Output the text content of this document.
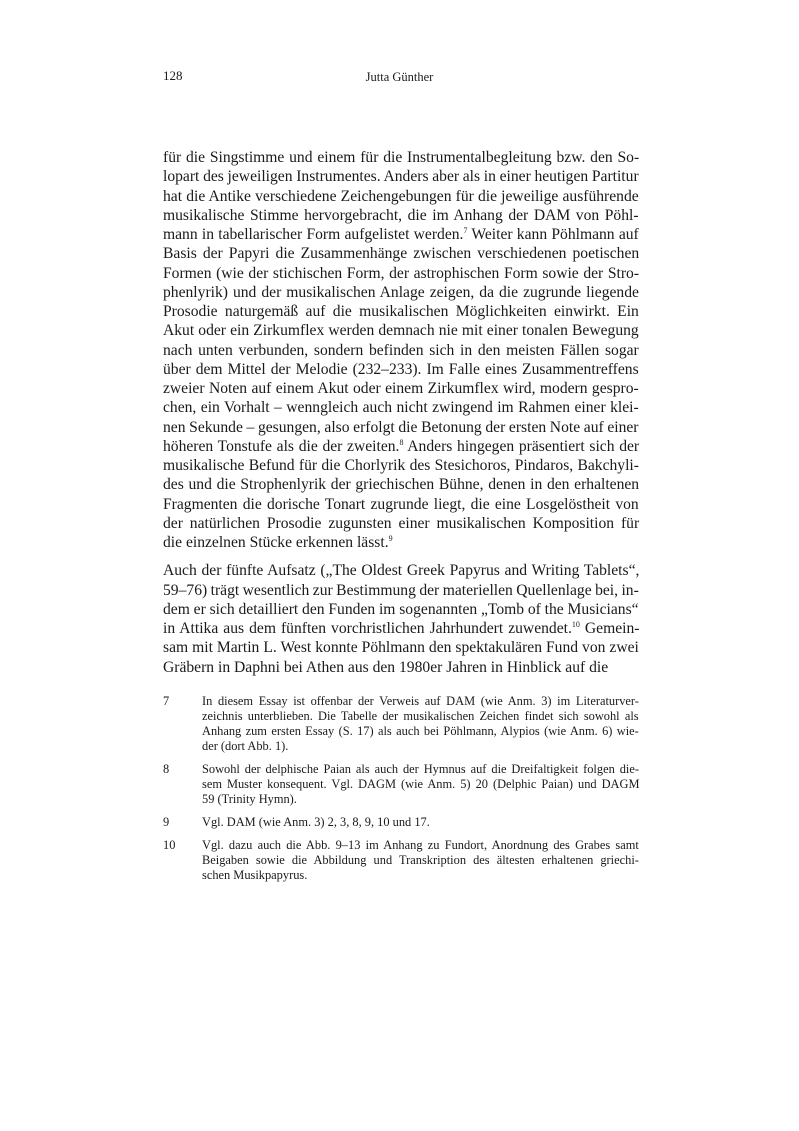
128	Jutta Günther
für die Singstimme und einem für die Instrumentalbegleitung bzw. den So-
lopart des jeweiligen Instrumentes. Anders aber als in einer heutigen Partitur
hat die Antike verschiedene Zeichengebungen für die jeweilige ausführende
musikalische Stimme hervorgebracht, die im Anhang der DAM von Pöhl-
mann in tabellarischer Form aufgelistet werden.$^7$ Weiter kann Pöhlmann auf
Basis der Papyri die Zusammenhänge zwischen verschiedenen poetischen
Formen (wie der stichischen Form, der astrophischen Form sowie der Stro-
phenlyrik) und der musikalischen Anlage zeigen, da die zugrunde liegende
Prosodie naturgemäß auf die musikalischen Möglichkeiten einwirkt. Ein
Akut oder ein Zirkumflex werden demnach nie mit einer tonalen Bewegung
nach unten verbunden, sondern befinden sich in den meisten Fällen sogar
über dem Mittel der Melodie (232–233). Im Falle eines Zusammentreffens
zweier Noten auf einem Akut oder einem Zirkumflex wird, modern gespro-
chen, ein Vorhalt – wenngleich auch nicht zwingend im Rahmen einer klei-
nen Sekunde – gesungen, also erfolgt die Betonung der ersten Note auf einer
höheren Tonstufe als die der zweiten.$^8$ Anders hingegen präsentiert sich der
musikalische Befund für die Chorlyrik des Stesichoros, Pindaros, Bakchyli-
des und die Strophenlyrik der griechischen Bühne, denen in den erhaltenen
Fragmenten die dorische Tonart zugrunde liegt, die eine Losgelöstheit von
der natürlichen Prosodie zugunsten einer musikalischen Komposition für
die einzelnen Stücke erkennen lässt.$^9$
Auch der fünfte Aufsatz („The Oldest Greek Papyrus and Writing Tablets“,
59–76) trägt wesentlich zur Bestimmung der materiellen Quellenlage bei, in-
dem er sich detailliert den Funden im sogenannten „Tomb of the Musicians“
in Attika aus dem fünften vorchristlichen Jahrhundert zuwendet.$^{10}$ Gemein-
sam mit Martin L. West konnte Pöhlmann den spektakulären Fund von zwei
Gräbern in Daphni bei Athen aus den 1980er Jahren in Hinblick auf die
7	In diesem Essay ist offenbar der Verweis auf DAM (wie Anm. 3) im Literaturver-
zeichnis unterblieben. Die Tabelle der musikalischen Zeichen findet sich sowohl als
Anhang zum ersten Essay (S. 17) als auch bei Pöhlmann, Alypios (wie Anm. 6) wie-
der (dort Abb. 1).
8	Sowohl der delphische Paian als auch der Hymnus auf die Dreifaltigkeit folgen die-
sem Muster konsequent. Vgl. DAGM (wie Anm. 5) 20 (Delphic Paian) und DAGM
59 (Trinity Hymn).
9	Vgl. DAM (wie Anm. 3) 2, 3, 8, 9, 10 und 17.
10	Vgl. dazu auch die Abb. 9–13 im Anhang zu Fundort, Anordnung des Grabes samt
Beigaben sowie die Abbildung und Transkription des ältesten erhaltenen griechi-
schen Musikpapyrus.
